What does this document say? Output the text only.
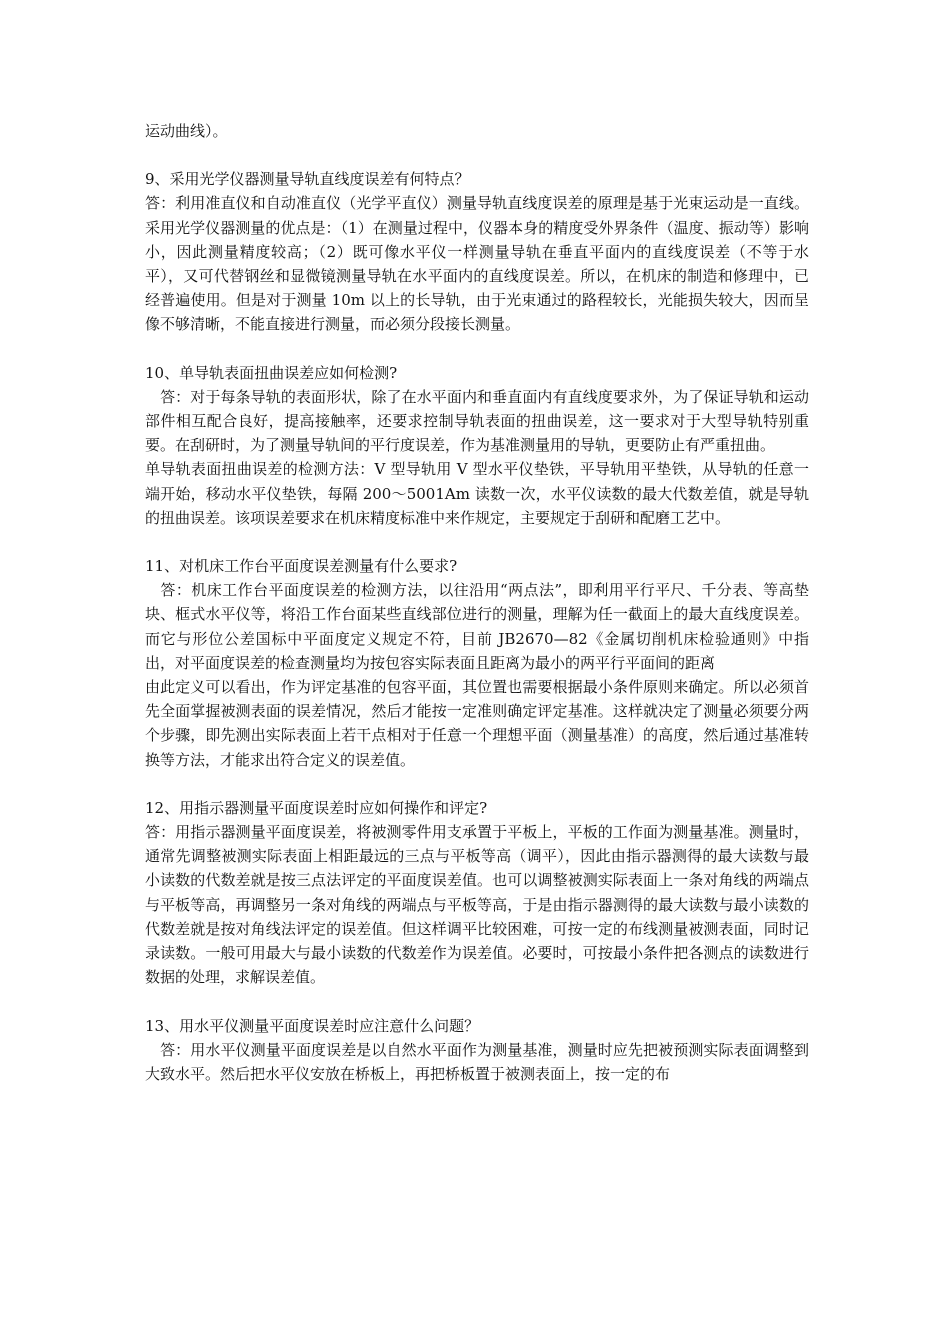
运动曲线）。

9、采用光学仪器测量导轨直线度误差有何特点？

答：利用准直仪和自动准直仪（光学平直仪）测量导轨直线度误差的原理是基于光束运动是一直线。采用光学仪器测量的优点是：（1）在测量过程中，仪器本身的精度受外界条件（温度、振动等）影响小，因此测量精度较高；（2）既可像水平仪一样测量导轨在垂直平面内的直线度误差（不等于水平），又可代替钢丝和显微镜测量导轨在水平面内的直线度误差。所以，在机床的制造和修理中，已经普遍使用。但是对于测量 10m 以上的长导轨，由于光束通过的路程较长，光能损失较大，因而呈像不够清晰，不能直接进行测量，而必须分段接长测量。

10、单导轨表面扭曲误差应如何检测?

　答：对于每条导轨的表面形状，除了在水平面内和垂直面内有直线度要求外，为了保证导轨和运动部件相互配合良好，提高接触率，还要求控制导轨表面的扭曲误差，这一要求对于大型导轨特别重要。在刮研时，为了测量导轨间的平行度误差，作为基准测量用的导轨，更要防止有严重扭曲。

单导轨表面扭曲误差的检测方法：V 型导轨用 V 型水平仪垫铁，平导轨用平垫铁，从导轨的任意一端开始，移动水平仪垫铁，每隔 200～5001Am 读数一次，水平仪读数的最大代数差值，就是导轨的扭曲误差。该项误差要求在机床精度标准中来作规定，主要规定于刮研和配磨工艺中。

11、对机床工作台平面度误差测量有什么要求?

　答：机床工作台平面度误差的检测方法，以往沿用“两点法”，即利用平行平尺、千分表、等高垫块、框式水平仪等，将沿工作台面某些直线部位进行的测量，理解为任一截面上的最大直线度误差。而它与形位公差国标中平面度定义规定不符，目前 JB2670—82《金属切削机床检验通则》中指出，对平面度误差的检查测量均为按包容实际表面且距离为最小的两平行平面间的距离

由此定义可以看出，作为评定基准的包容平面，其位置也需要根据最小条件原则来确定。所以必须首先全面掌握被测表面的误差情况，然后才能按一定准则确定评定基准。这样就决定了测量必须要分两个步骤，即先测出实际表面上若干点相对于任意一个理想平面（测量基准）的高度，然后通过基准转换等方法，才能求出符合定义的误差值。

12、用指示器测量平面度误差时应如何操作和评定?

答：用指示器测量平面度误差，将被测零件用支承置于平板上，平板的工作面为测量基准。测量时，通常先调整被测实际表面上相距最远的三点与平板等高（调平），因此由指示器测得的最大读数与最小读数的代数差就是按三点法评定的平面度误差值。也可以调整被测实际表面上一条对角线的两端点与平板等高，再调整另一条对角线的两端点与平板等高，于是由指示器测得的最大读数与最小读数的代数差就是按对角线法评定的误差值。但这样调平比较困难，可按一定的布线测量被测表面，同时记录读数。一般可用最大与最小读数的代数差作为误差值。必要时，可按最小条件把各测点的读数进行数据的处理，求解误差值。

13、用水平仪测量平面度误差时应注意什么问题？

　答：用水平仪测量平面度误差是以自然水平面作为测量基准，测量时应先把被预测实际表面调整到大致水平。然后把水平仪安放在桥板上，再把桥板置于被测表面上，按一定的布
